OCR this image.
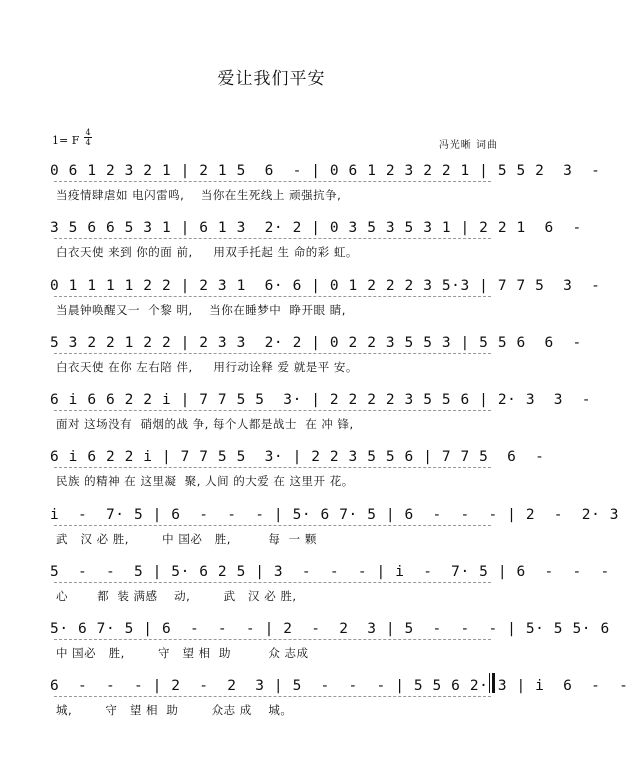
爱让我们平安
1= F
4
4	冯光晰 词曲
0 6 1 2 3 2 1 | 2 1 5  6  - | 0 6 1 2 3 2 2 1 | 5 5 2  3  -
当疫情肆虐如 电闪雷鸣,    当你在生死线上 顽强抗争,
3 5 6 6 5 3 1 | 6 1 3  2· 2 | 0 3 5 3 5 3 1 | 2 2 1  6  -
白衣天使 来到 你的面 前,     用双手托起 生 命的彩 虹。
0 1 1 1 1 2 2 | 2 3 1  6· 6 | 0 1 2 2 2 3 5·3 | 7 7 5  3  -
当晨钟唤醒又一  个黎 明,    当你在睡梦中  睁开眼 睛,
5 3 2 2 1 2 2 | 2 3 3  2· 2 | 0 2 2 3 5 5 3 | 5 5 6  6  -
白衣天使 在你 左右陪 伴,     用行动诠释 爱 就是平 安。
6 i 6 6 2 2 i | 7 7 5 5  3· | 2 2 2 2 3 5 5 6 | 2· 3  3  -
面对 这场没有  硝烟的战 争, 每个人都是战士  在 冲 锋,
6 i 6 2 2 i | 7 7 5 5  3· | 2 2 3 5 5 6 | 7 7 5  6  -
民族 的精神 在 这里凝  聚, 人间 的大爱 在 这里开 花。
i  -  7· 5 | 6  -  -  - | 5· 6 7· 5 | 6  -  -  - | 2  -  2· 3
武   汉 必 胜,        中 国必   胜,         每  一 颗
5  -  -  5 | 5· 6 2 5 | 3  -  -  - | i  -  7· 5 | 6  -  -  -
心       都  装 满感    动,        武   汉 必 胜,
5· 6 7· 5 | 6  -  -  - | 2  -  2  3 | 5  -  -  - | 5· 5 5· 6
中 国必   胜,        守   望 相  助         众 志成
6  -  -  - | 2  -  2  3 | 5  -  -  - | 5 5 6 2· 3 | i  6  -  -
城,        守   望 相  助        众志 成    城。
